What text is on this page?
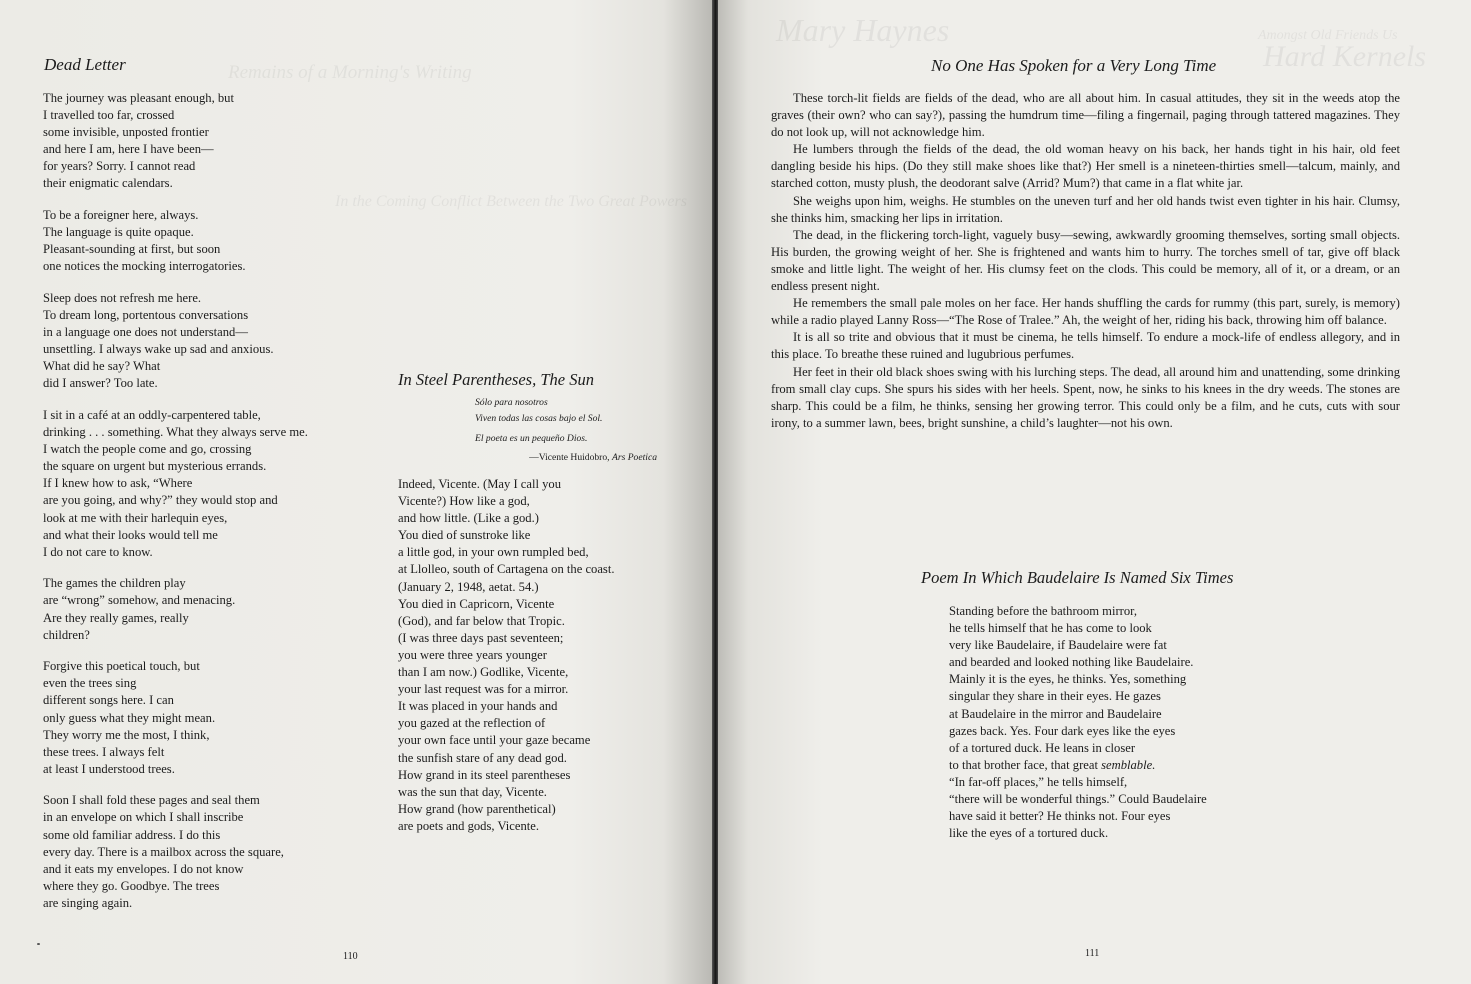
Remains of a Morning's Writing
In the Coming Conflict Between the Two Great Powers
Dead Letter
The journey was pleasant enough, but
I travelled too far, crossed
some invisible, unposted frontier
and here I am, here I have been—
for years? Sorry. I cannot read
their enigmatic calendars.
To be a foreigner here, always.
The language is quite opaque.
Pleasant-sounding at first, but soon
one notices the mocking interrogatories.
Sleep does not refresh me here.
To dream long, portentous conversations
in a language one does not understand—
unsettling. I always wake up sad and anxious.
What did he say? What
did I answer? Too late.
I sit in a café at an oddly-carpentered table,
drinking . . . something. What they always serve me.
I watch the people come and go, crossing
the square on urgent but mysterious errands.
If I knew how to ask, “Where
are you going, and why?” they would stop and
look at me with their harlequin eyes,
and what their looks would tell me
I do not care to know.
The games the children play
are “wrong” somehow, and menacing.
Are they really games, really
children?
Forgive this poetical touch, but
even the trees sing
different songs here. I can
only guess what they might mean.
They worry me the most, I think,
these trees. I always felt
at least I understood trees.
Soon I shall fold these pages and seal them
in an envelope on which I shall inscribe
some old familiar address. I do this
every day. There is a mailbox across the square,
and it eats my envelopes. I do not know
where they go. Goodbye. The trees
are singing again.
In Steel Parentheses, The Sun
Sólo para nosotros
Viven todas las cosas bajo el Sol.
El poeta es un pequeño Dios.
—Vicente Huidobro, Ars Poetica
Indeed, Vicente. (May I call you
Vicente?) How like a god,
and how little. (Like a god.)
You died of sunstroke like
a little god, in your own rumpled bed,
at Llolleo, south of Cartagena on the coast.
(January 2, 1948, aetat. 54.)
You died in Capricorn, Vicente
(God), and far below that Tropic.
(I was three days past seventeen;
you were three years younger
than I am now.) Godlike, Vicente,
your last request was for a mirror.
It was placed in your hands and
you gazed at the reflection of
your own face until your gaze became
the sunfish stare of any dead god.
How grand in its steel parentheses
was the sun that day, Vicente.
How grand (how parenthetical)
are poets and gods, Vicente.
110
Mary Haynes
Hard Kernels
Amongst Old Friends Us
No One Has Spoken for a Very Long Time

These torch-lit fields are fields of the dead, who are all about him. In casual attitudes, they sit in the weeds atop the graves (their own? who can say?), passing the humdrum time—filing a fingernail, paging through tattered magazines. They do not look up, will not acknowledge him.

He lumbers through the fields of the dead, the old woman heavy on his back, her hands tight in his hair, old feet dangling beside his hips. (Do they still make shoes like that?) Her smell is a nineteen-thirties smell—talcum, mainly, and starched cotton, musty plush, the deodorant salve (Arrid? Mum?) that came in a flat white jar.

She weighs upon him, weighs. He stumbles on the uneven turf and her old hands twist even tighter in his hair. Clumsy, she thinks him, smacking her lips in irritation.

The dead, in the flickering torch-light, vaguely busy—sewing, awkwardly grooming themselves, sorting small objects. His burden, the growing weight of her. She is frightened and wants him to hurry. The torches smell of tar, give off black smoke and little light. The weight of her. His clumsy feet on the clods. This could be memory, all of it, or a dream, or an endless present night.

He remembers the small pale moles on her face. Her hands shuffling the cards for rummy (this part, surely, is memory) while a radio played Lanny Ross—“The Rose of Tralee.” Ah, the weight of her, riding his back, throwing him off balance.

It is all so trite and obvious that it must be cinema, he tells himself. To endure a mock-life of endless allegory, and in this place. To breathe these ruined and lugubrious perfumes.

Her feet in their old black shoes swing with his lurching steps. The dead, all around him and unattending, some drinking from small clay cups. She spurs his sides with her heels. Spent, now, he sinks to his knees in the dry weeds. The stones are sharp. This could be a film, he thinks, sensing her growing terror. This could only be a film, and he cuts, cuts with sour irony, to a summer lawn, bees, bright sunshine, a child’s laughter—not his own.

Poem In Which Baudelaire Is Named Six Times
Standing before the bathroom mirror,
he tells himself that he has come to look
very like Baudelaire, if Baudelaire were fat
and bearded and looked nothing like Baudelaire.
Mainly it is the eyes, he thinks. Yes, something
singular they share in their eyes. He gazes
at Baudelaire in the mirror and Baudelaire
gazes back. Yes. Four dark eyes like the eyes
of a tortured duck. He leans in closer
to that brother face, that great semblable.
“In far-off places,” he tells himself,
“there will be wonderful things.” Could Baudelaire
have said it better? He thinks not. Four eyes
like the eyes of a tortured duck.
111
